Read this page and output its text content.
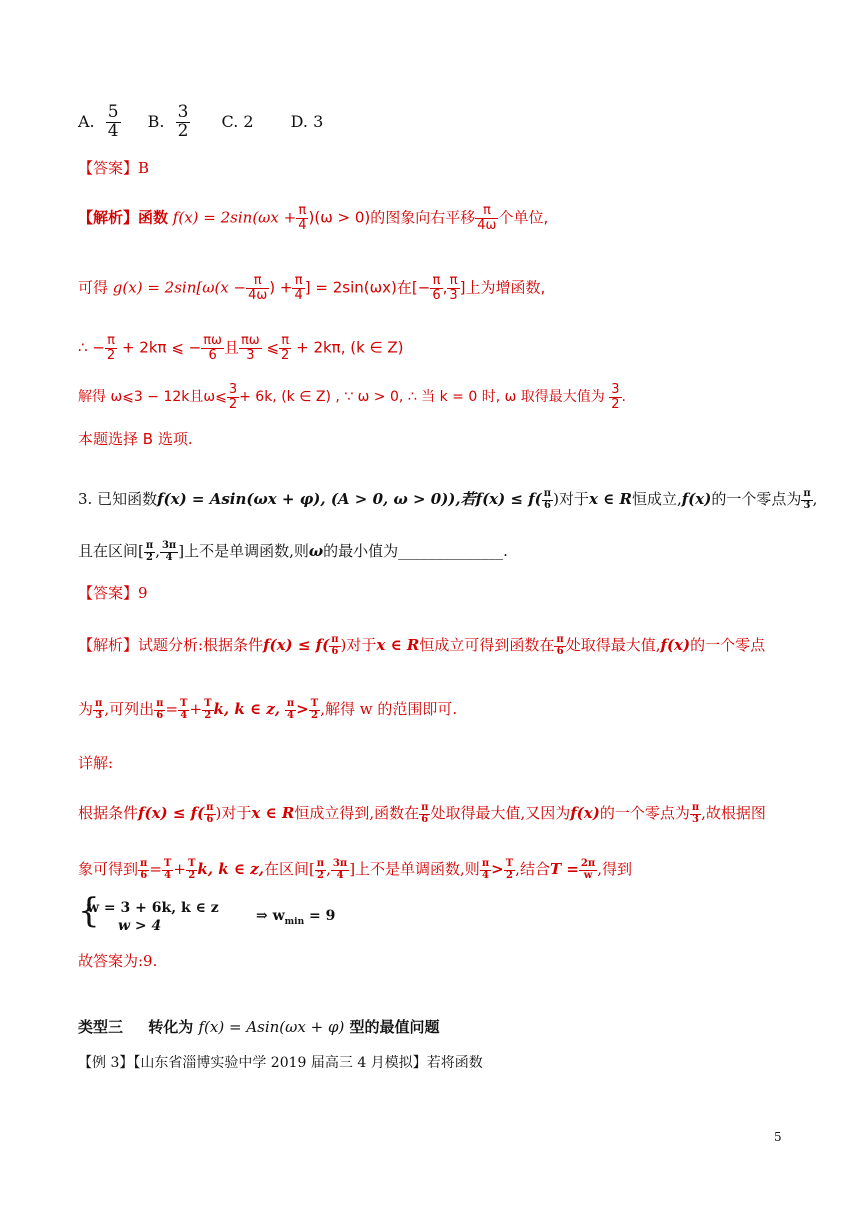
A. $\frac{5}{4} B$. $\frac{3}{2} C$. 2 D. 3
【答案】B
【解析】函数 $f(x) = 2\sin(\omega x + \frac{\pi}{4} )(\omega > 0)$的图象向右平移 $\frac{\pi}{4\omega}$ 个单位,
可得 $g(x) = 2\sin[\omega(x - \frac{\pi}{4\omega}$ ) + $\frac{\pi}{4}$ ] = 2sin(ωx)在[− $\frac{\pi}{6}$ , $\frac{\pi}{3}$ ]上为增函数,
∴ − $\frac{\pi}{2} + 2k\pi$ ⩽ − $\frac{\pi\omega}{6}$ 且 $\frac{\pi\omega}{3}$ ⩽ $\frac{\pi}{2} + 2k\pi$, (k ∈ Z)
解得 ω⩽3 − 12k且ω⩽ $\frac{3}{2} + 6k$, (k ∈ Z) , ∵ ω > 0, ∴ 当 k = 0 时, ω 取得最大值为 $\frac{3}{2}$ .
本题选择 B 选项.
3. 已知函数f(x) = Asin(ωx + φ), (A > 0, ω > 0)),若$f(x) \le f( \frac{\pi}{6}$ )对于x ∈ R恒成立,f(x)的一个零点为 $\frac{\pi}{3}$ ,
且在区间[ $\frac{\pi}{2}$ , $\frac{3\pi}{4}$ ]上不是单调函数,则ω的最小值为______________.
【答案】9
【解析】试题分析:根据条件$f(x) \le f( \frac{\pi}{6}$ )对于x ∈ R恒成立可得到函数在 $\frac{\pi}{6}$ 处取得最大值,f(x)的一个零点
为 $\frac{\pi}{3}$ ,可列出 $\frac{\pi}{6} = \frac{T}{4} + \frac{T}{2} k$, k ∈ z, $\frac{\pi}{4} > \frac{T}{2}$ ,解得 w 的范围即可.
详解:
根据条件$f(x) \le f( \frac{\pi}{6}$ )对于x ∈ R恒成立得到,函数在 $\frac{\pi}{6}$ 处取得最大值,又因为f(x)的一个零点为 $\frac{\pi}{3}$ ,故根据图
象可得到 $\frac{\pi}{6} = \frac{T}{4} + \frac{T}{2} k$, k ∈ z,在区间[ $\frac{\pi}{2}$ , $\frac{3\pi}{4}$ ]上不是单调函数,则 $\frac{\pi}{4} > \frac{T}{2}$ ,结合$T = \frac{2\pi}{w}$ ,得到
{
w = 3 + 6k, k ∈ z
w > 4
⇒ $w_{min} = 9$
故答案为:9.
类型三 转化为 f(x) = Asin(ωx + φ) 型的最值问题
【例 3】【山东省淄博实验中学 2019 届高三 4 月模拟】若将函数
5
